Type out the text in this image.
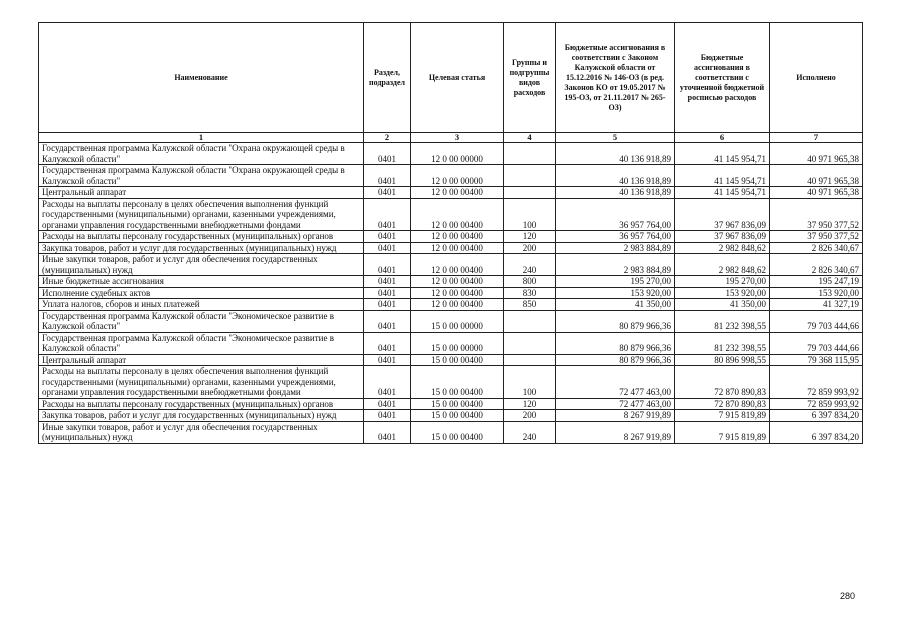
Наименование	Раздел, подраздел	Целевая статья	Группы и подгруппы видов расходов	Бюджетные ассигнования в соответствии с Законом Калужской области от 15.12.2016 № 146-ОЗ (в ред. Законов КО от 19.05.2017 № 195-ОЗ, от 21.11.2017 № 265-ОЗ)	Бюджетные ассигнования в соответствии с уточненной бюджетной росписью расходов	Исполнено
1	2	3	4	5	6	7
Государственная программа Калужской области "Охрана окружающей среды в Калужской области"	0401	12 0 00 00000		40 136 918,89	41 145 954,71	40 971 965,38
Государственная программа Калужской области "Охрана окружающей среды в Калужской области"	0401	12 0 00 00000		40 136 918,89	41 145 954,71	40 971 965,38
Центральный аппарат	0401	12 0 00 00400		40 136 918,89	41 145 954,71	40 971 965,38
Расходы на выплаты персоналу в целях обеспечения выполнения функций государственными (муниципальными) органами, казенными учреждениями, органами управления государственными внебюджетными фондами	0401	12 0 00 00400	100	36 957 764,00	37 967 836,09	37 950 377,52
Расходы на выплаты персоналу государственных (муниципальных) органов	0401	12 0 00 00400	120	36 957 764,00	37 967 836,09	37 950 377,52
Закупка товаров, работ и услуг для государственных (муниципальных) нужд	0401	12 0 00 00400	200	2 983 884,89	2 982 848,62	2 826 340,67
Иные закупки товаров, работ и услуг для обеспечения государственных (муниципальных) нужд	0401	12 0 00 00400	240	2 983 884,89	2 982 848,62	2 826 340,67
Иные бюджетные ассигнования	0401	12 0 00 00400	800	195 270,00	195 270,00	195 247,19
Исполнение судебных актов	0401	12 0 00 00400	830	153 920,00	153 920,00	153 920,00
Уплата налогов, сборов и иных платежей	0401	12 0 00 00400	850	41 350,00	41 350,00	41 327,19
Государственная программа Калужской области "Экономическое развитие в Калужской области"	0401	15 0 00 00000		80 879 966,36	81 232 398,55	79 703 444,66
Государственная программа Калужской области "Экономическое развитие в Калужской области"	0401	15 0 00 00000		80 879 966,36	81 232 398,55	79 703 444,66
Центральный аппарат	0401	15 0 00 00400		80 879 966,36	80 896 998,55	79 368 115,95
Расходы на выплаты персоналу в целях обеспечения выполнения функций государственными (муниципальными) органами, казенными учреждениями, органами управления государственными внебюджетными фондами	0401	15 0 00 00400	100	72 477 463,00	72 870 890,83	72 859 993,92
Расходы на выплаты персоналу государственных (муниципальных) органов	0401	15 0 00 00400	120	72 477 463,00	72 870 890,83	72 859 993,92
Закупка товаров, работ и услуг для государственных (муниципальных) нужд	0401	15 0 00 00400	200	8 267 919,89	7 915 819,89	6 397 834,20
Иные закупки товаров, работ и услуг для обеспечения государственных (муниципальных) нужд	0401	15 0 00 00400	240	8 267 919,89	7 915 819,89	6 397 834,20
280
